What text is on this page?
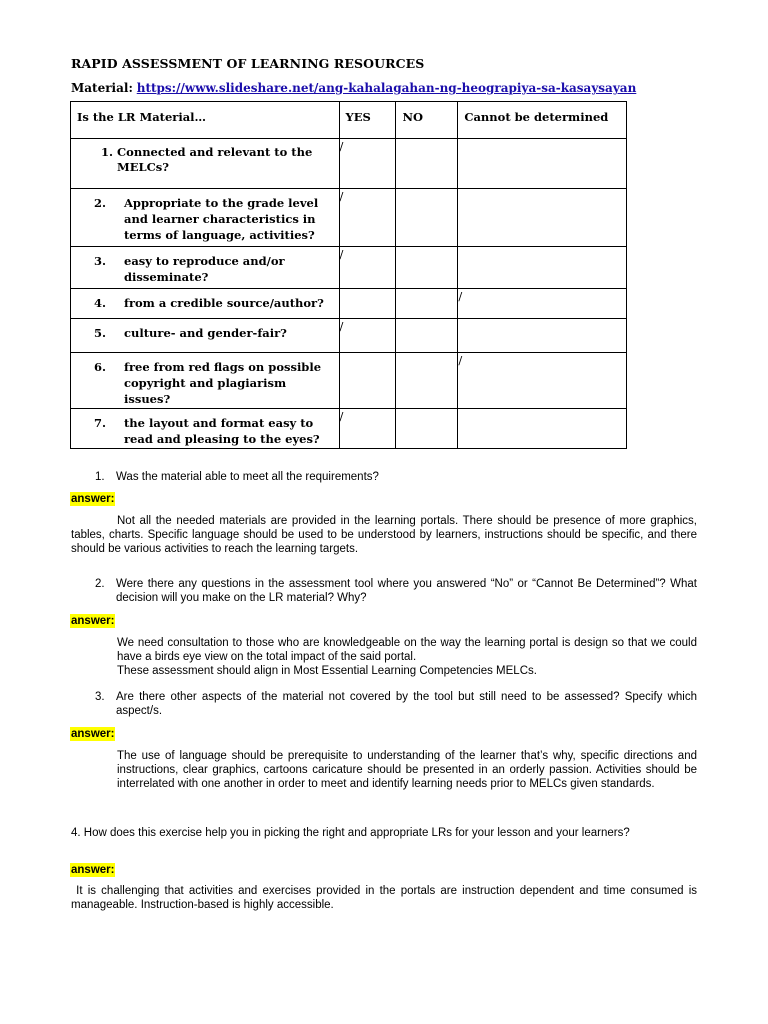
RAPID ASSESSMENT OF LEARNING RESOURCES
Material: https://www.slideshare.net/ang-kahalagahan-ng-heograpiya-sa-kasaysayan
Is the LR Material…	YES	NO	Cannot be determined

1. Connected and relevant to the MELCs?	/		

2. Appropriate to the grade level and learner characteristics in terms of language, activities?	/		

3. easy to reproduce and/or disseminate?	/		

4. from a credible source/author?			/

5. culture- and gender-fair?	/		

6. free from red flags on possible copyright and plagiarism issues?			/

7. the layout and format easy to read and pleasing to the eyes?	/		
1. Was the material able to meet all the requirements?
answer:
Not all the needed materials are provided in the learning portals. There should be presence of more graphics, tables, charts. Specific language should be used to be understood by learners, instructions should be specific, and there should be various activities to reach the learning targets.
2. Were there any questions in the assessment tool where you answered “No” or “Cannot Be Determined”? What decision will you make on the LR material? Why?
answer:
We need consultation to those who are knowledgeable on the way the learning portal is design so that we could have a birds eye view on the total impact of the said portal.
These assessment should align in Most Essential Learning Competencies MELCs.
3. Are there other aspects of the material not covered by the tool but still need to be assessed? Specify which aspect/s.
answer:
The use of language should be prerequisite to understanding of the learner that’s why, specific directions and instructions, clear graphics, cartoons caricature should be presented in an orderly passion. Activities should be interrelated with one another in order to meet and identify learning needs prior to MELCs given standards.
4. How does this exercise help you in picking the right and appropriate LRs for your lesson and your learners?
answer:
It is challenging that activities and exercises provided in the portals are instruction dependent and time consumed is manageable. Instruction-based is highly accessible.
